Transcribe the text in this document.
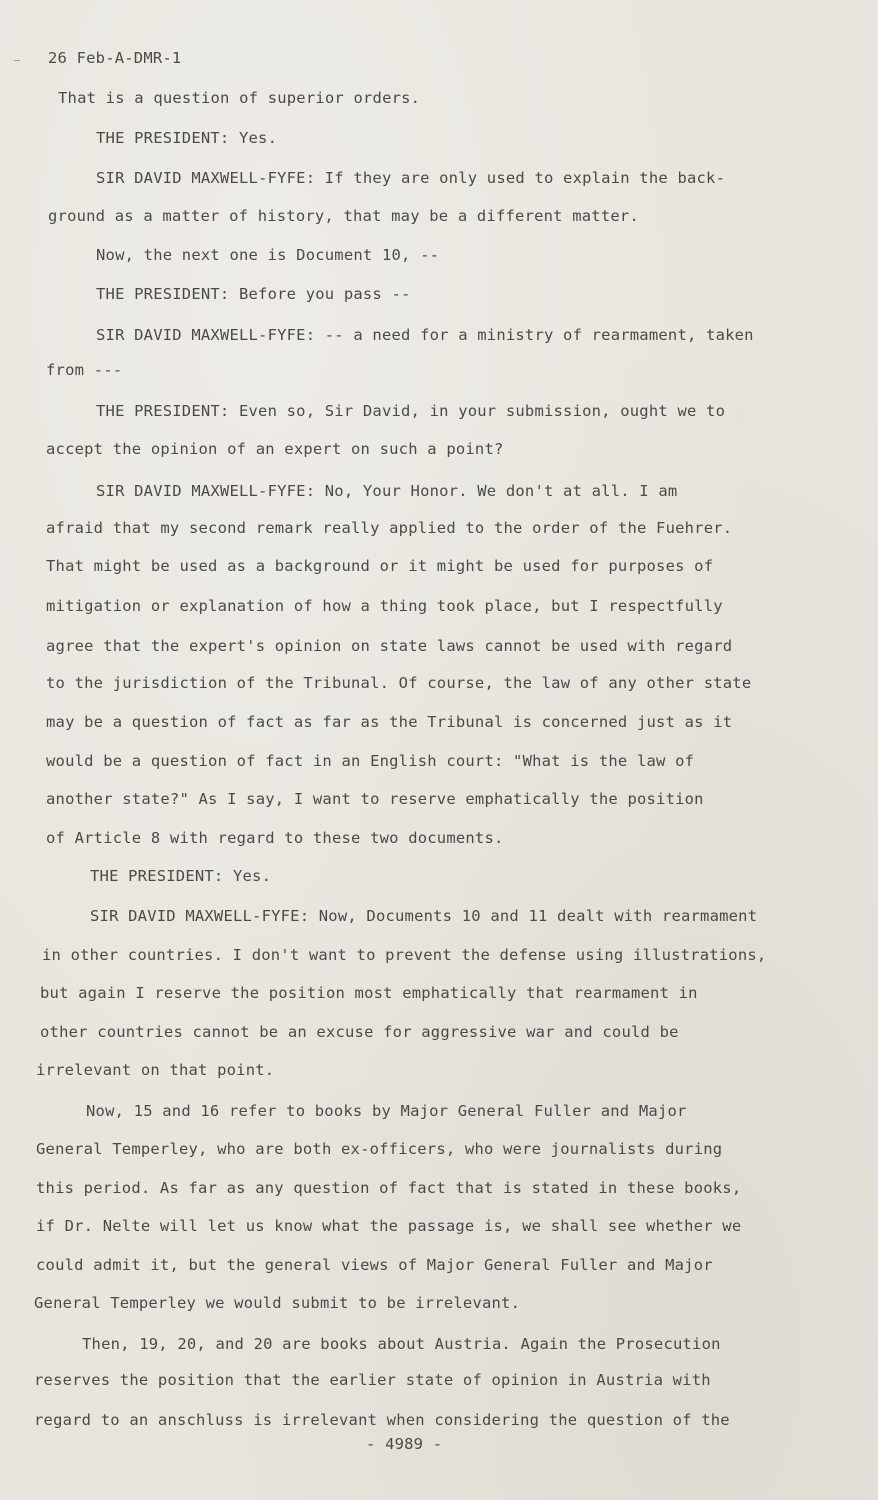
26 Feb-A-DMR-1
That is a question of superior orders.
THE PRESIDENT: Yes.
SIR DAVID MAXWELL-FYFE: If they are only used to explain the back-
ground as a matter of history, that may be a different matter.
Now, the next one is Document 10, --
THE PRESIDENT: Before you pass --
SIR DAVID MAXWELL-FYFE: -- a need for a ministry of rearmament, taken
from ---
THE PRESIDENT: Even so, Sir David, in your submission, ought we to
accept the opinion of an expert on such a point?
SIR DAVID MAXWELL-FYFE: No, Your Honor. We don't at all. I am
afraid that my second remark really applied to the order of the Fuehrer.
That might be used as a background or it might be used for purposes of
mitigation or explanation of how a thing took place, but I respectfully
agree that the expert's opinion on state laws cannot be used with regard
to the jurisdiction of the Tribunal. Of course, the law of any other state
may be a question of fact as far as the Tribunal is concerned just as it
would be a question of fact in an English court: "What is the law of
another state?" As I say, I want to reserve emphatically the position
of Article 8 with regard to these two documents.
THE PRESIDENT: Yes.
SIR DAVID MAXWELL-FYFE: Now, Documents 10 and 11 dealt with rearmament
in other countries. I don't want to prevent the defense using illustrations,
but again I reserve the position most emphatically that rearmament in
other countries cannot be an excuse for aggressive war and could be
irrelevant on that point.
Now, 15 and 16 refer to books by Major General Fuller and Major
General Temperley, who are both ex-officers, who were journalists during
this period. As far as any question of fact that is stated in these books,
if Dr. Nelte will let us know what the passage is, we shall see whether we
could admit it, but the general views of Major General Fuller and Major
General Temperley we would submit to be irrelevant.
Then, 19, 20, and 20 are books about Austria. Again the Prosecution
reserves the position that the earlier state of opinion in Austria with
regard to an anschluss is irrelevant when considering the question of the
- 4989 -
